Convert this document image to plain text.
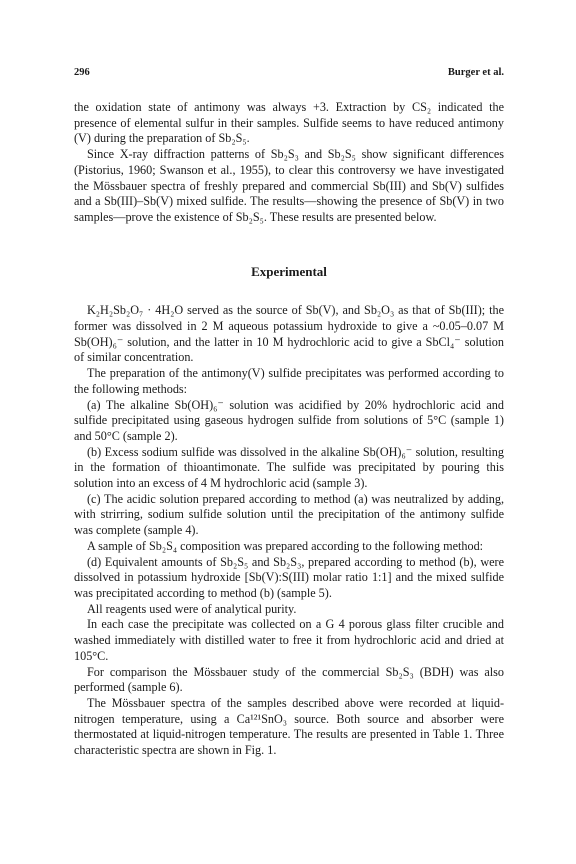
296	Burger et al.

the oxidation state of antimony was always +3. Extraction by CS₂ indicated the presence of elemental sulfur in their samples. Sulfide seems to have reduced antimony (V) during the preparation of Sb₂S₅.

Since X-ray diffraction patterns of Sb₂S₃ and Sb₂S₅ show significant differences (Pistorius, 1960; Swanson et al., 1955), to clear this controversy we have investigated the Mössbauer spectra of freshly prepared and commercial Sb(III) and Sb(V) sulfides and a Sb(III)–Sb(V) mixed sulfide. The results—showing the presence of Sb(V) in two samples—prove the existence of Sb₂S₅. These results are presented below.

Experimental

K₂H₂Sb₂O₇ · 4H₂O served as the source of Sb(V), and Sb₂O₃ as that of Sb(III); the former was dissolved in 2 M aqueous potassium hydroxide to give a ~0.05–0.07 M Sb(OH)₆⁻ solution, and the latter in 10 M hydrochloric acid to give a SbCl₄⁻ solution of similar concentration.

The preparation of the antimony(V) sulfide precipitates was performed according to the following methods:

(a) The alkaline Sb(OH)₆⁻ solution was acidified by 20% hydrochloric acid and sulfide precipitated using gaseous hydrogen sulfide from solutions of 5°C (sample 1) and 50°C (sample 2).

(b) Excess sodium sulfide was dissolved in the alkaline Sb(OH)₆⁻ solution, resulting in the formation of thioantimonate. The sulfide was precipitated by pouring this solution into an excess of 4 M hydrochloric acid (sample 3).

(c) The acidic solution prepared according to method (a) was neutralized by adding, with strirring, sodium sulfide solution until the precipitation of the antimony sulfide was complete (sample 4).

A sample of Sb₂S₄ composition was prepared according to the following method:

(d) Equivalent amounts of Sb₂S₅ and Sb₂S₃, prepared according to method (b), were dissolved in potassium hydroxide [Sb(V):S(III) molar ratio 1:1] and the mixed sulfide was precipitated according to method (b) (sample 5).

All reagents used were of analytical purity.

In each case the precipitate was collected on a G 4 porous glass filter crucible and washed immediately with distilled water to free it from hydrochloric acid and dried at 105°C.

For comparison the Mössbauer study of the commercial Sb₂S₃ (BDH) was also performed (sample 6).

The Mössbauer spectra of the samples described above were recorded at liquid-nitrogen temperature, using a Ca¹²¹SnO₃ source. Both source and absorber were thermostated at liquid-nitrogen temperature. The results are presented in Table 1. Three characteristic spectra are shown in Fig. 1.
